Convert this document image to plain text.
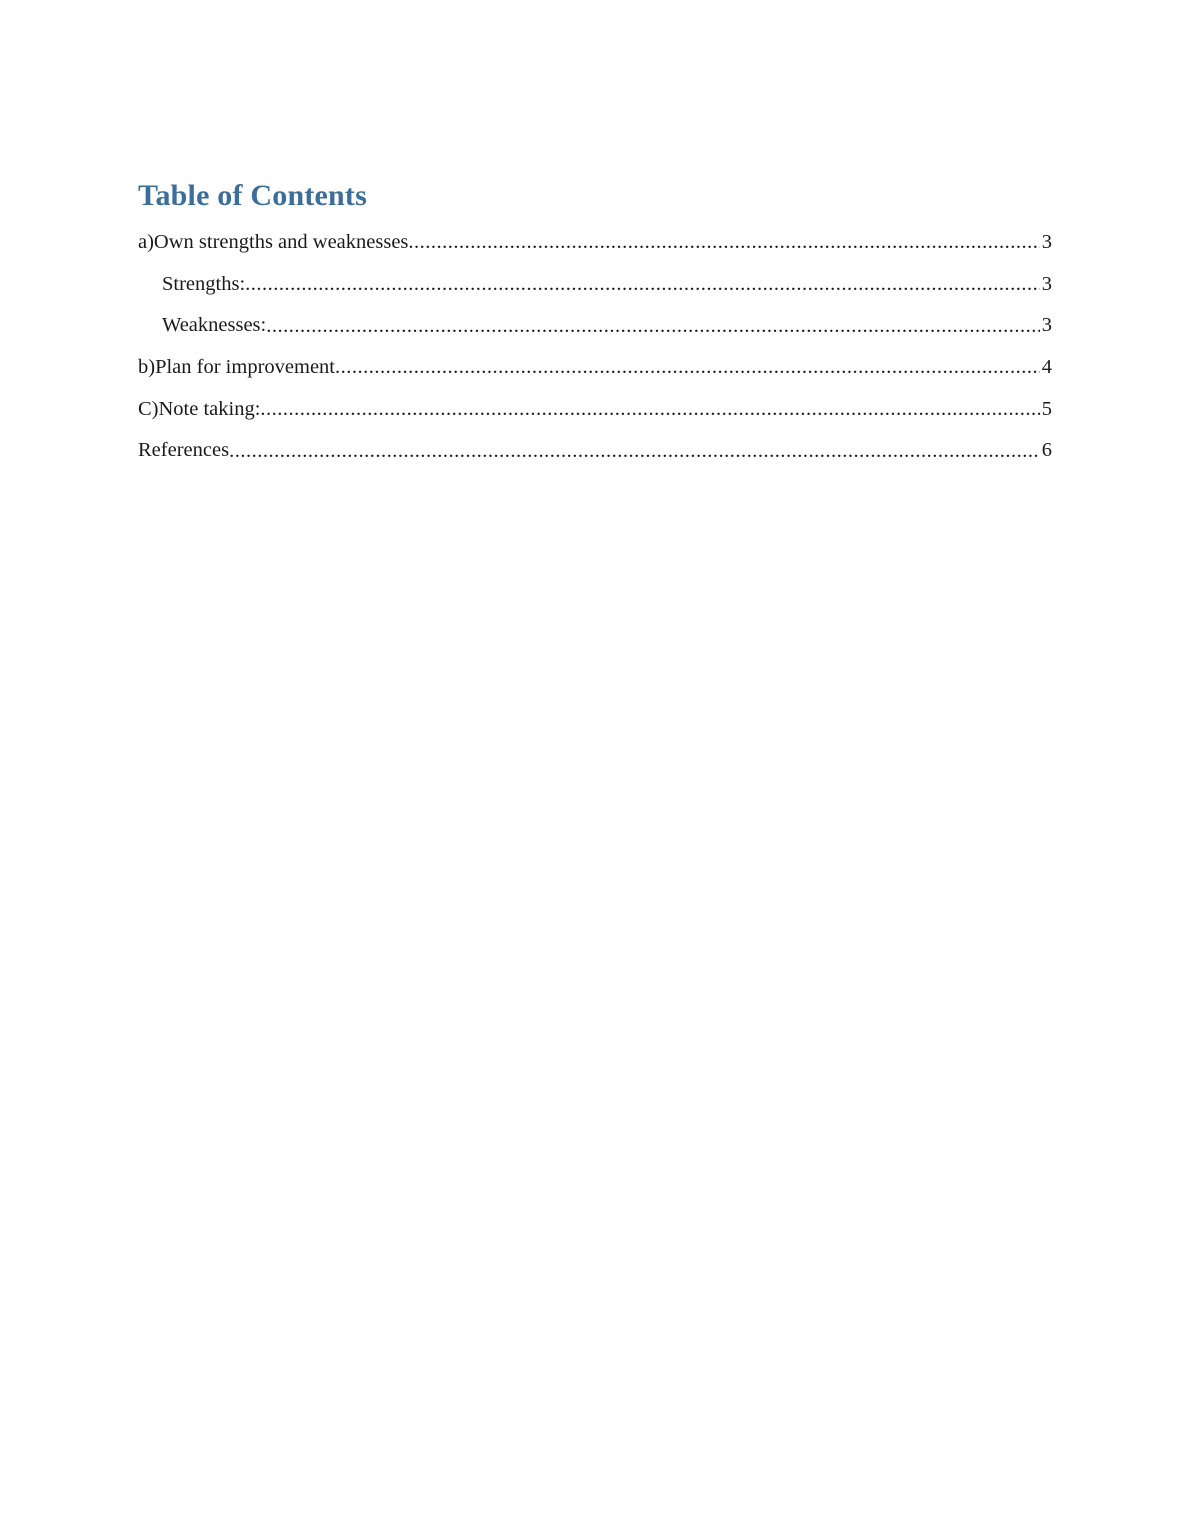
Table of Contents
a)Own strengths and weaknesses .....	3
Strengths: .....	3
Weaknesses: .....	3
b)Plan for improvement .....	4
C)Note taking: .....	5
References .....	6
